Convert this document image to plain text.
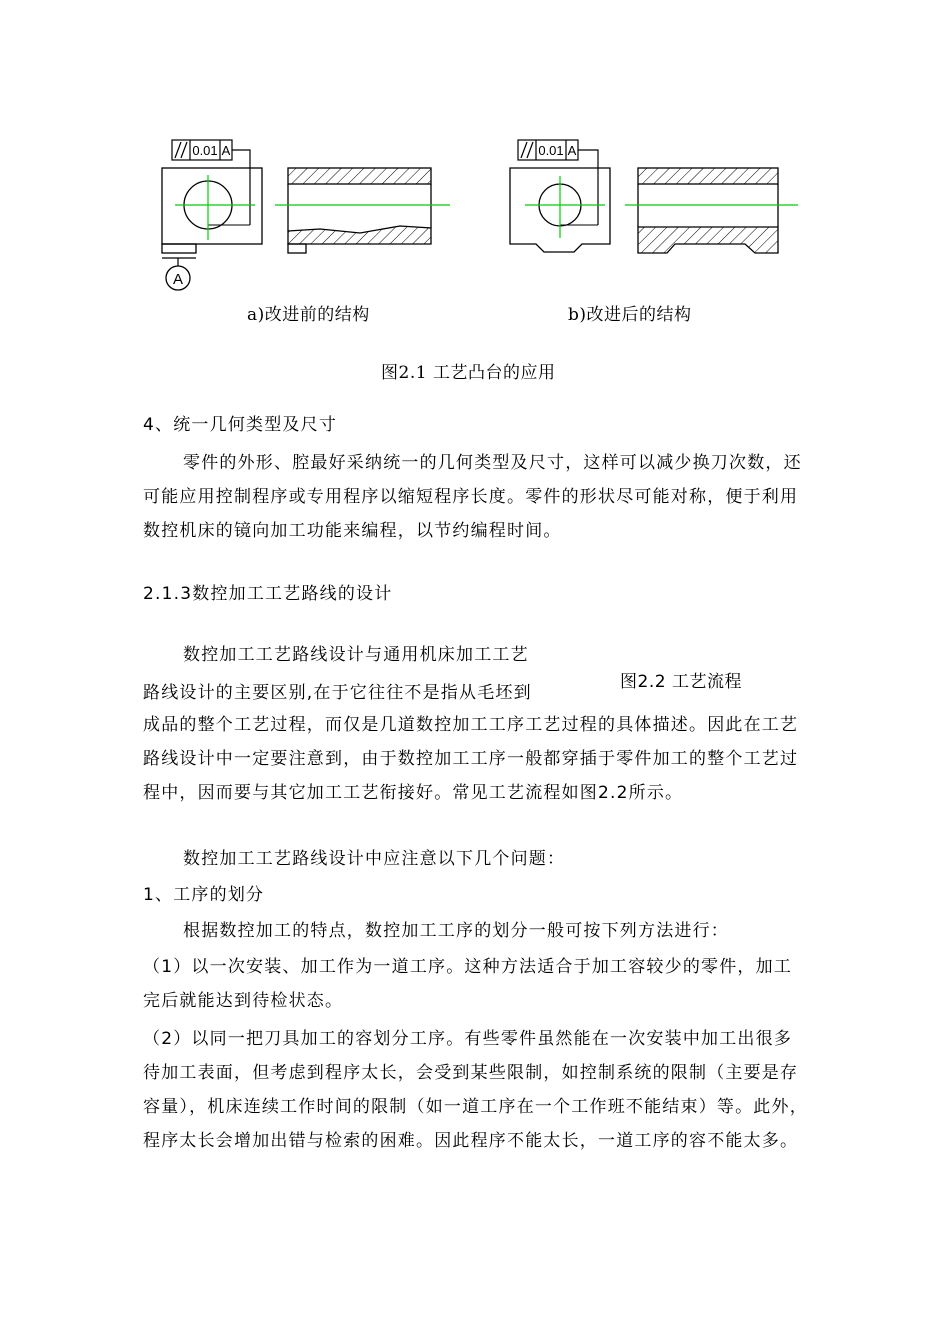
0.01 A
A
0.01 A
a)改进前的结构	b)改进后的结构
图2.1 工艺凸台的应用
4、统一几何类型及尺寸
零件的外形、腔最好采纳统一的几何类型及尺寸，这样可以减少换刀次数，还可能应用控制程序或专用程序以缩短程序长度。零件的形状尽可能对称，便于利用数控机床的镜向加工功能来编程，以节约编程时间。
2.1.3数控加工工艺路线的设计
数控加工工艺路线设计与通用机床加工工艺
路线设计的主要区别,在于它往往不是指从毛坯到
图2.2 工艺流程
成品的整个工艺过程，而仅是几道数控加工工序工艺过程的具体描述。因此在工艺路线设计中一定要注意到，由于数控加工工序一般都穿插于零件加工的整个工艺过程中，因而要与其它加工工艺衔接好。常见工艺流程如图2.2所示。
数控加工工艺路线设计中应注意以下几个问题：
1、工序的划分
根据数控加工的特点，数控加工工序的划分一般可按下列方法进行：
（1）以一次安装、加工作为一道工序。这种方法适合于加工容较少的零件，加工完后就能达到待检状态。
（2）以同一把刀具加工的容划分工序。有些零件虽然能在一次安装中加工出很多待加工表面，但考虑到程序太长，会受到某些限制，如控制系统的限制（主要是存容量），机床连续工作时间的限制（如一道工序在一个工作班不能结束）等。此外，程序太长会增加出错与检索的困难。因此程序不能太长，一道工序的容不能太多。
